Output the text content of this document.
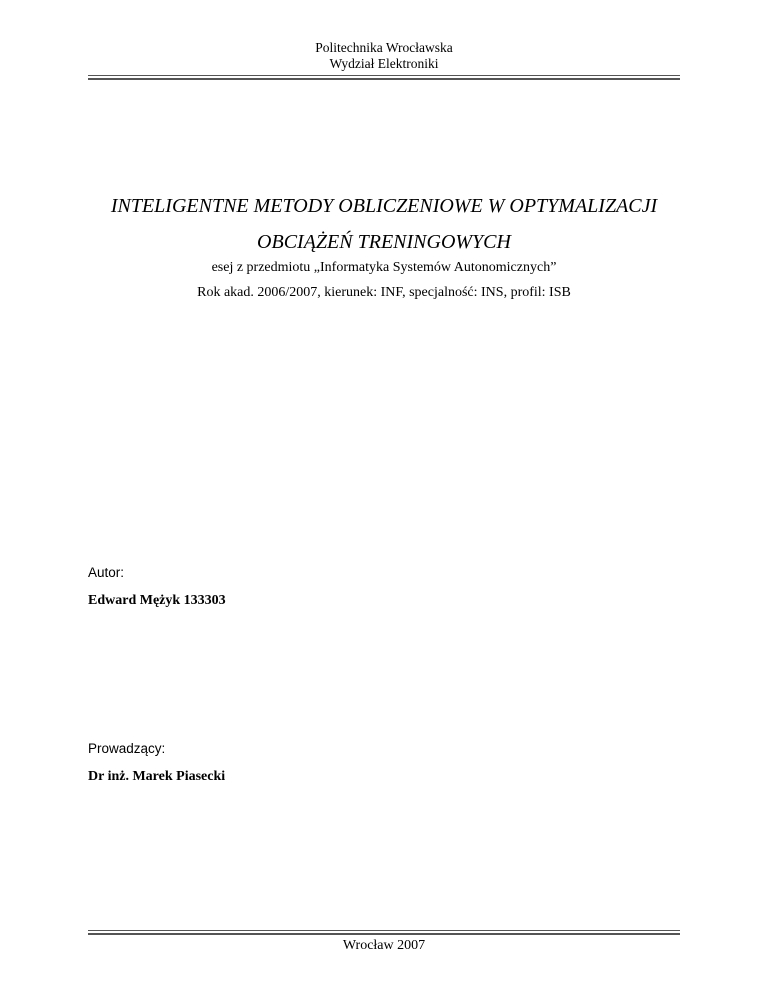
Politechnika Wrocławska
Wydział Elektroniki
INTELIGENTNE METODY OBLICZENIOWE W OPTYMALIZACJI
OBCIĄŻEŃ TRENINGOWYCH
esej z przedmiotu „Informatyka Systemów Autonomicznych”
Rok akad. 2006/2007, kierunek: INF, specjalność: INS, profil: ISB
Autor:
Edward Mężyk 133303
Prowadzący:
Dr inż. Marek Piasecki
Wrocław 2007
